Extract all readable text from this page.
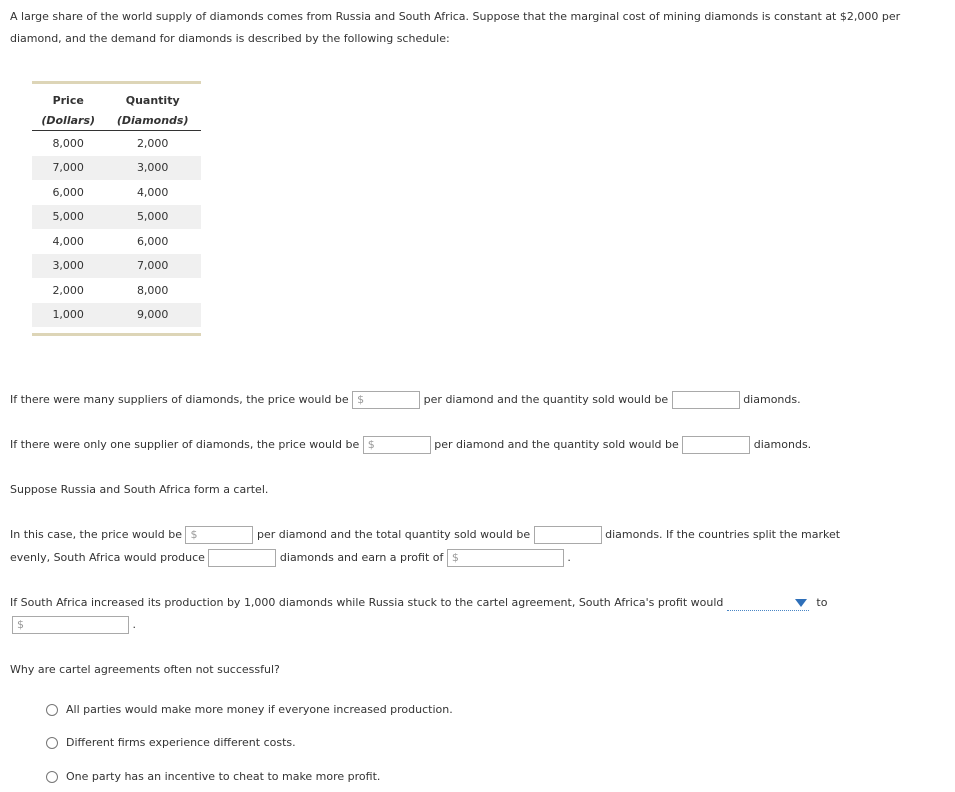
A large share of the world supply of diamonds comes from Russia and South Africa. Suppose that the marginal cost of mining diamonds is constant at $2,000 per diamond, and the demand for diamonds is described by the following schedule:

Price	Quantity
(Dollars)	(Diamonds)
8,000	2,000
7,000	3,000
6,000	4,000
5,000	5,000
4,000	6,000
3,000	7,000
2,000	8,000
1,000	9,000

If there were many suppliers of diamonds, the price would be $	per diamond and the quantity sold would be	diamonds.
If there were only one supplier of diamonds, the price would be $	per diamond and the quantity sold would be	diamonds.
Suppose Russia and South Africa form a cartel.
In this case, the price would be $	per diamond and the total quantity sold would be	diamonds. If the countries split the market
evenly, South Africa would produce	diamonds and earn a profit of $	.
If South Africa increased its production by 1,000 diamonds while Russia stuck to the cartel agreement, South Africa's profit would	to
$	.
Why are cartel agreements often not successful?
All parties would make more money if everyone increased production.
Different firms experience different costs.
One party has an incentive to cheat to make more profit.
